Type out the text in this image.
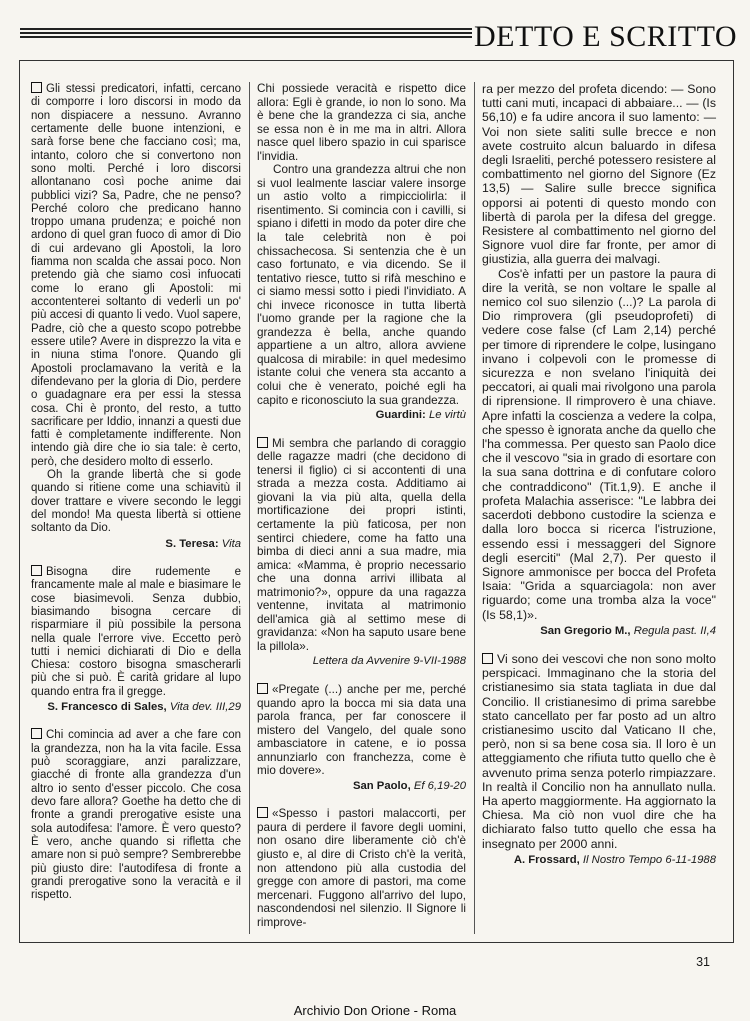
DETTO E SCRITTO

Gli stessi predicatori, infatti, cercano di comporre i loro discorsi in modo da non dispiacere a nessuno. Avranno certamente delle buone intenzioni, e sarà forse bene che facciano così; ma, intanto, coloro che si convertono non sono molti. Perché i loro discorsi allontanano così poche anime dai pubblici vizi? Sa, Padre, che ne penso? Perché coloro che predicano hanno troppo umana prudenza; e poiché non ardono di quel gran fuoco di amor di Dio di cui ardevano gli Apostoli, la loro fiamma non scalda che assai poco. Non pretendo già che siamo così infuocati come lo erano gli Apostoli: mi accontenterei soltanto di vederli un po' più accesi di quanto li vedo. Vuol sapere, Padre, ciò che a questo scopo potrebbe essere utile? Avere in disprezzo la vita e in niuna stima l'onore. Quando gli Apostoli proclamavano la verità e la difendevano per la gloria di Dio, perdere o guadagnare era per essi la stessa cosa. Chi è pronto, del resto, a tutto sacrificare per Iddio, innanzi a questi due fatti è completamente indifferente. Non intendo già dire che io sia tale: è certo, però, che desidero molto di esserlo.

Oh la grande libertà che si gode quando si ritiene come una schiavitù il dover trattare e vivere secondo le leggi del mondo! Ma questa libertà si ottiene soltanto da Dio.

S. Teresa: Vita

Bisogna dire rudemente e francamente male al male e biasimare le cose biasimevoli. Senza dubbio, biasimando bisogna cercare di risparmiare il più possibile la persona nella quale l'errore vive. Eccetto però tutti i nemici dichiarati di Dio e della Chiesa: costoro bisogna smascherarli più che si può. È carità gridare al lupo quando entra fra il gregge.

S. Francesco di Sales, Vita dev. III,29

Chi comincia ad aver a che fare con la grandezza, non ha la vita facile. Essa può scoraggiare, anzi paralizzare, giacché di fronte alla grandezza d'un altro io sento d'esser piccolo. Che cosa devo fare allora? Goethe ha detto che di fronte a grandi prerogative esiste una sola autodifesa: l'amore. È vero questo? È vero, anche quando si rifletta che amare non si può sempre? Sembrerebbe più giusto dire: l'autodifesa di fronte a grandi prerogative sono la veracità e il rispetto.

Chi possiede veracità e rispetto dice allora: Egli è grande, io non lo sono. Ma è bene che la grandezza ci sia, anche se essa non è in me ma in altri. Allora nasce quel libero spazio in cui sparisce l'invidia.

Contro una grandezza altrui che non si vuol lealmente lasciar valere insorge un astio volto a rimpicciolirla: il risentimento. Si comincia con i cavilli, si spiano i difetti in modo da poter dire che la tale celebrità non è poi chissachecosa. Si sentenzia che è un caso fortunato, e via dicendo. Se il tentativo riesce, tutto si rifà meschino e ci siamo messi sotto i piedi l'invidiato. A chi invece riconosce in tutta libertà l'uomo grande per la ragione che la grandezza è bella, anche quando appartiene a un altro, allora avviene qualcosa di mirabile: in quel medesimo istante colui che venera sta accanto a colui che è venerato, poiché egli ha capito e riconosciuto la sua grandezza.

Guardini: Le virtù

Mi sembra che parlando di coraggio delle ragazze madri (che decidono di tenersi il figlio) ci si accontenti di una strada a mezza costa. Additiamo ai giovani la via più alta, quella della mortificazione dei propri istinti, certamente la più faticosa, per non sentirci chiedere, come ha fatto una bimba di dieci anni a sua madre, mia amica: «Mamma, è proprio necessario che una donna arrivi illibata al matrimonio?», oppure da una ragazza ventenne, invitata al matrimonio dell'amica già al settimo mese di gravidanza: «Non ha saputo usare bene la pillola».

Lettera da Avvenire 9-VII-1988

«Pregate (...) anche per me, perché quando apro la bocca mi sia data una parola franca, per far conoscere il mistero del Vangelo, del quale sono ambasciatore in catene, e io possa annunziarlo con franchezza, come è mio dovere».

San Paolo, Ef 6,19-20

«Spesso i pastori malaccorti, per paura di perdere il favore degli uomini, non osano dire liberamente ciò ch'è giusto e, al dire di Cristo ch'è la verità, non attendono più alla custodia del gregge con amore di pastori, ma come mercenari. Fuggono all'arrivo del lupo, nascondendosi nel silenzio. Il Signore li rimprove-

ra per mezzo del profeta dicendo: — Sono tutti cani muti, incapaci di abbaiare... — (Is 56,10) e fa udire ancora il suo lamento: — Voi non siete saliti sulle brecce e non avete costruito alcun baluardo in difesa degli Israeliti, perché potessero resistere al combattimento nel giorno del Signore (Ez 13,5) — Salire sulle brecce significa opporsi ai potenti di questo mondo con libertà di parola per la difesa del gregge. Resistere al combattimento nel giorno del Signore vuol dire far fronte, per amor di giustizia, alla guerra dei malvagi.

Cos'è infatti per un pastore la paura di dire la verità, se non voltare le spalle al nemico col suo silenzio (...)? La parola di Dio rimprovera (gli pseudoprofeti) di vedere cose false (cf Lam 2,14) perché per timore di riprendere le colpe, lusingano invano i colpevoli con le promesse di sicurezza e non svelano l'iniquità dei peccatori, ai quali mai rivolgono una parola di riprensione. Il rimprovero è una chiave. Apre infatti la coscienza a vedere la colpa, che spesso è ignorata anche da quello che l'ha commessa. Per questo san Paolo dice che il vescovo "sia in grado di esortare con la sua sana dottrina e di confutare coloro che contraddicono" (Tit.1,9). E anche il profeta Malachia asserisce: "Le labbra dei sacerdoti debbono custodire la scienza e dalla loro bocca si ricerca l'istruzione, essendo essi i messaggeri del Signore degli eserciti" (Mal 2,7). Per questo il Signore ammonisce per bocca del Profeta Isaia: "Grida a squarciagola: non aver riguardo; come una tromba alza la voce" (Is 58,1)».

San Gregorio M., Regula past. II,4

Vi sono dei vescovi che non sono molto perspicaci. Immaginano che la storia del cristianesimo sia stata tagliata in due dal Concilio. Il cristianesimo di prima sarebbe stato cancellato per far posto ad un altro cristianesimo uscito dal Vaticano II che, però, non si sa bene cosa sia. Il loro è un atteggiamento che rifiuta tutto quello che è avvenuto prima senza poterlo rimpiazzare. In realtà il Concilio non ha annullato nulla. Ha aperto maggiormente. Ha aggiornato la Chiesa. Ma ciò non vuol dire che ha dichiarato falso tutto quello che essa ha insegnato per 2000 anni.

A. Frossard, Il Nostro Tempo 6-11-1988
31
Archivio Don Orione - Roma
